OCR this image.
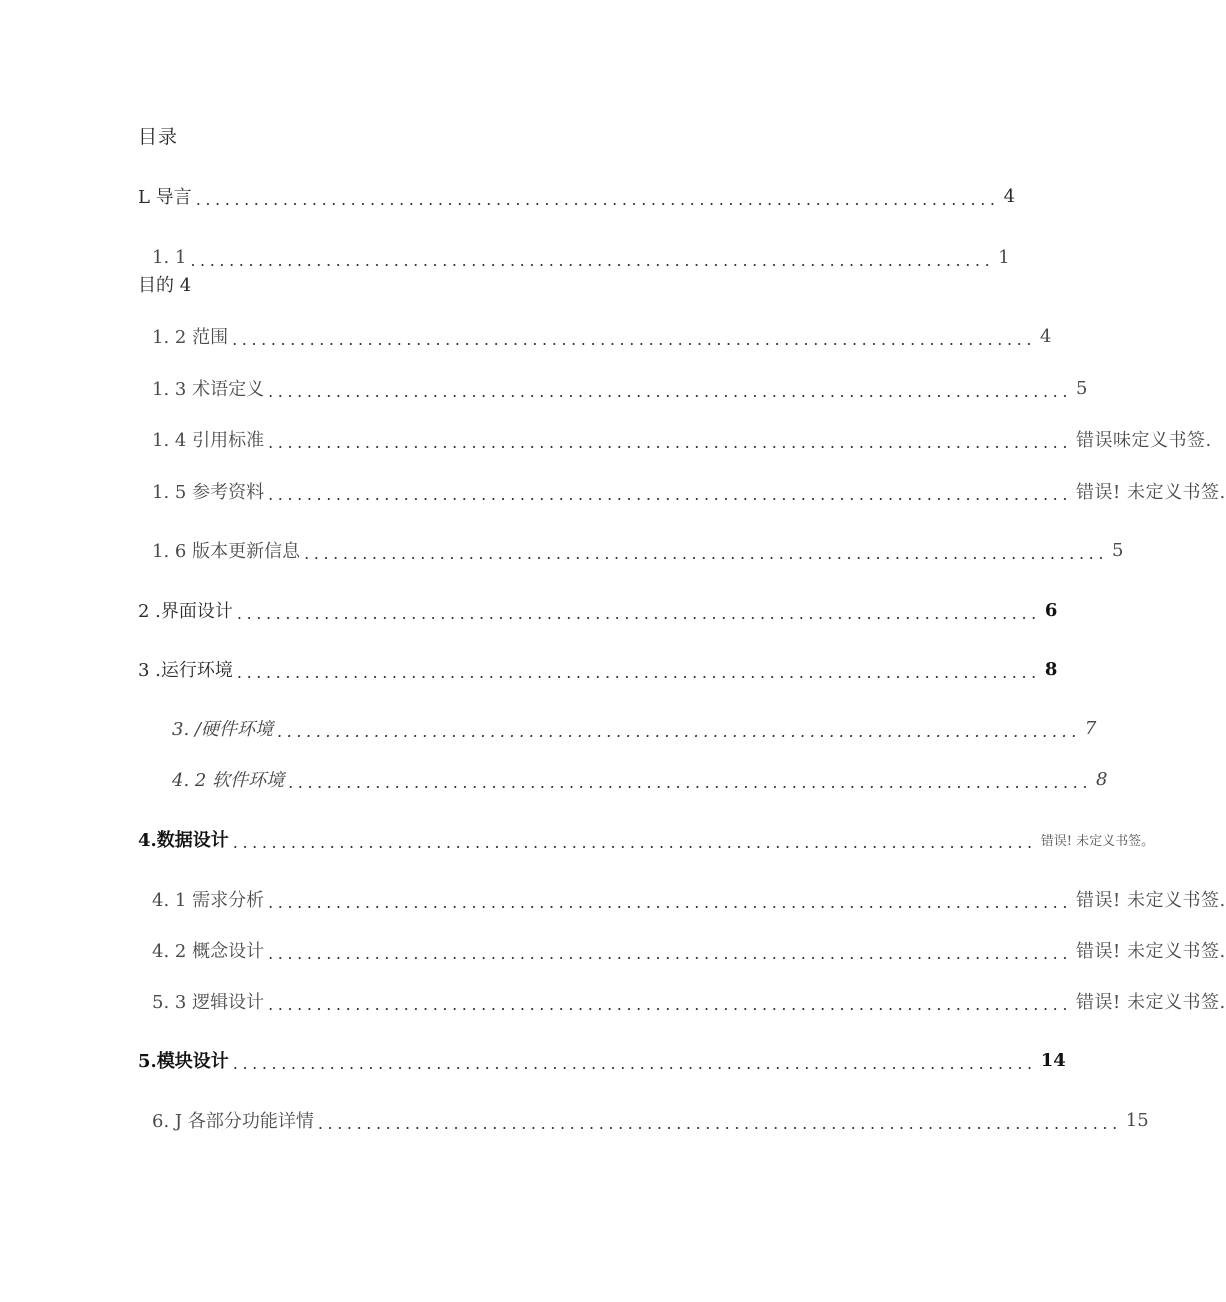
目录
L 导言 ................................................................................... 4
1. 1 ................................................................................... 1
目的 4
1. 2 范围 ................................................................................... 4
1. 3 术语定义 ................................................................................... 5
1. 4 引用标准 ................................................................................... 错误味定义书签.
1. 5 参考资料 ................................................................................... 错误! 未定义书签.
1. 6 版本更新信息 ................................................................................... 5
2 .界面设计 ................................................................................... 6
3 .运行环境 ................................................................................... 8
3. /硬件环境 ................................................................................... 7
4. 2 软件环境 ................................................................................... 8
4.数据设计 ................................................................................... 错误! 未定义书签。
4. 1 需求分析 ................................................................................... 错误! 未定义书签.
4. 2 概念设计 ................................................................................... 错误! 未定义书签.
5. 3 逻辑设计 ................................................................................... 错误! 未定义书签.
5.模块设计 ................................................................................... 14
6. J 各部分功能详情 ................................................................................... 15
